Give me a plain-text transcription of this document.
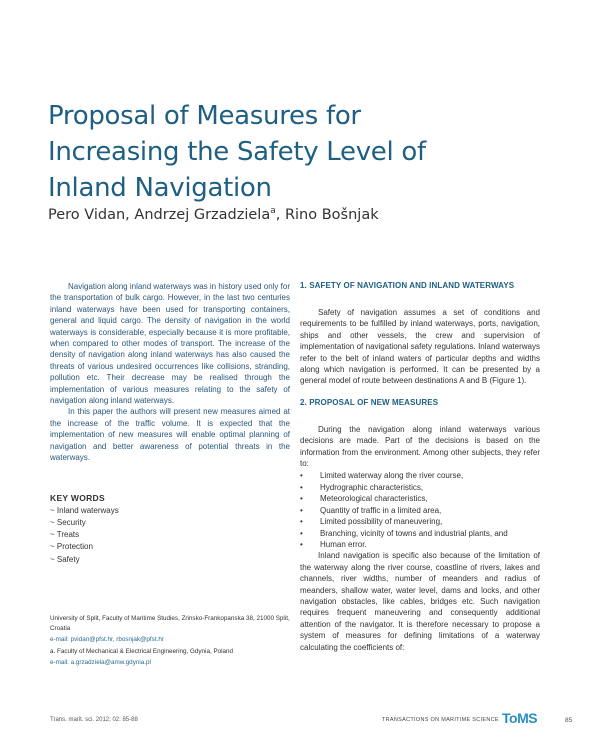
Proposal of Measures for
Increasing the Safety Level of
Inland Navigation
Pero Vidan, Andrzej Grzadziela$^a$, Rino Bošnjak

Navigation along inland waterways was in history used only for the transportation of bulk cargo. However, in the last two centuries inland waterways have been used for transporting containers, general and liquid cargo. The density of navigation in the world waterways is considerable, especially because it is more profitable, when compared to other modes of transport. The increase of the density of navigation along inland waterways has also caused the threats of various undesired occurrences like collisions, stranding, pollution etc. Their decrease may be realised through the implementation of various measures relating to the safety of navigation along inland waterways.

In this paper the authors will present new measures aimed at the increase of the traffic volume. It is expected that the implementation of new measures will enable optimal planning of navigation and better awareness of potential threats in the waterways.

KEY WORDS
~ Inland waterways
~ Security
~ Treats
~ Protection
~ Safety
University of Split, Faculty of Maritime Studies, Zrinsko-Frankopanska 38, 21000 Split, Croatia
e-mail: pvidan@pfst.hr, rbosnjak@pfst.hr
a. Faculty of Mechanical & Electrical Engineering, Gdynia, Poland
e-mail: a.grzadziela@amw.gdynia.pl
1. SAFETY OF NAVIGATION AND INLAND WATERWAYS

Safety of navigation assumes a set of conditions and requirements to be fulfilled by inland waterways, ports, navigation, ships and other vessels, the crew and supervision of implementation of navigational safety regulations. Inland waterways refer to the belt of inland waters of particular depths and widths along which navigation is performed. It can be presented by a general model of route between destinations A and B (Figure 1).

2. PROPOSAL OF NEW MEASURES

During the navigation along inland waterways various decisions are made. Part of the decisions is based on the information from the environment. Among other subjects, they refer to:

• Limited waterway along the river course,
• Hydrographic characteristics,
• Meteorological characteristics,
• Quantity of traffic in a limited area,
• Limited possibility of maneuvering,
• Branching, vicinity of towns and industrial plants, and
• Human error.

Inland navigation is specific also because of the limitation of the waterway along the river course, coastline of rivers, lakes and channels, river widths, number of meanders and radius of meanders, shallow water, water level, dams and locks, and other navigation obstacles, like cables, bridges etc. Such navigation requires frequent maneuvering and consequently additional attention of the navigator. It is therefore necessary to propose a system of measures for defining limitations of a waterway calculating the coefficients of:

Trans. marit. sci. 2012; 02: 85-88	TRANSACTIONS ON MARITIME SCIENCE ToMS	85
